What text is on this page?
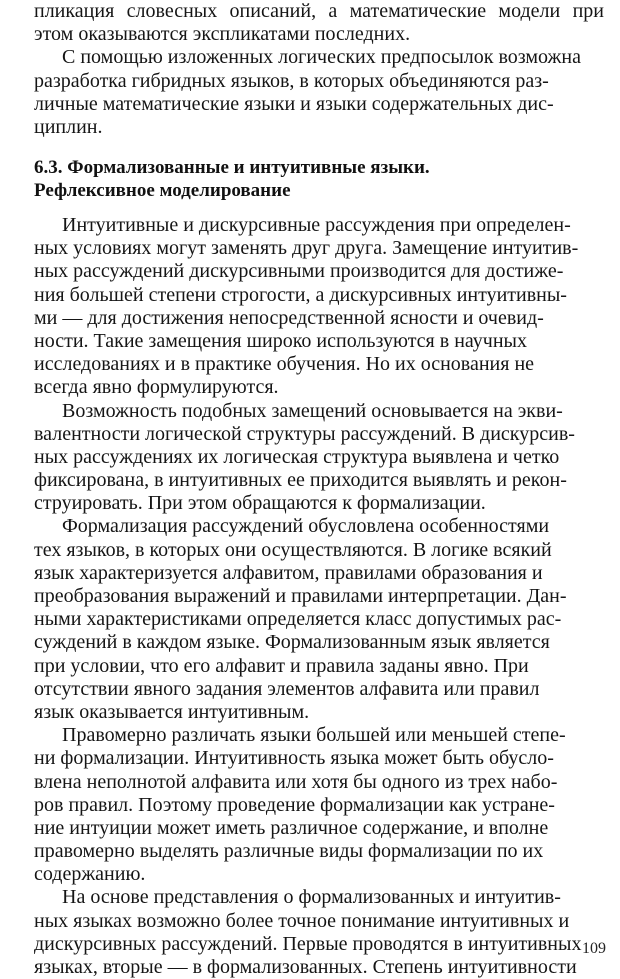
пликация словесных описаний, а математические модели при
этом оказываются экспликатами последних.
С помощью изложенных логических предпосылок возможна
разработка гибридных языков, в которых объединяются раз-
личные математические языки и языки содержательных дис-
циплин.
6.3. Формализованные и интуитивные языки.
Рефлексивное моделирование
Интуитивные и дискурсивные рассуждения при определен-
ных условиях могут заменять друг друга. Замещение интуитив-
ных рассуждений дискурсивными производится для достиже-
ния большей степени строгости, а дискурсивных интуитивны-
ми — для достижения непосредственной ясности и очевид-
ности. Такие замещения широко используются в научных
исследованиях и в практике обучения. Но их основания не
всегда явно формулируются.
Возможность подобных замещений основывается на экви-
валентности логической структуры рассуждений. В дискурсив-
ных рассуждениях их логическая структура выявлена и четко
фиксирована, в интуитивных ее приходится выявлять и рекон-
струировать. При этом обращаются к формализации.
Формализация рассуждений обусловлена особенностями
тех языков, в которых они осуществляются. В логике всякий
язык характеризуется алфавитом, правилами образования и
преобразования выражений и правилами интерпретации. Дан-
ными характеристиками определяется класс допустимых рас-
суждений в каждом языке. Формализованным язык является
при условии, что его алфавит и правила заданы явно. При
отсутствии явного задания элементов алфавита или правил
язык оказывается интуитивным.
Правомерно различать языки большей или меньшей степе-
ни формализации. Интуитивность языка может быть обусло-
влена неполнотой алфавита или хотя бы одного из трех набо-
ров правил. Поэтому проведение формализации как устране-
ние интуиции может иметь различное содержание, и вполне
правомерно выделять различные виды формализации по их
содержанию.
На основе представления о формализованных и интуитив-
ных языках возможно более точное понимание интуитивных и
дискурсивных рассуждений. Первые проводятся в интуитивных
языках, вторые — в формализованных. Степень интуитивности
109
